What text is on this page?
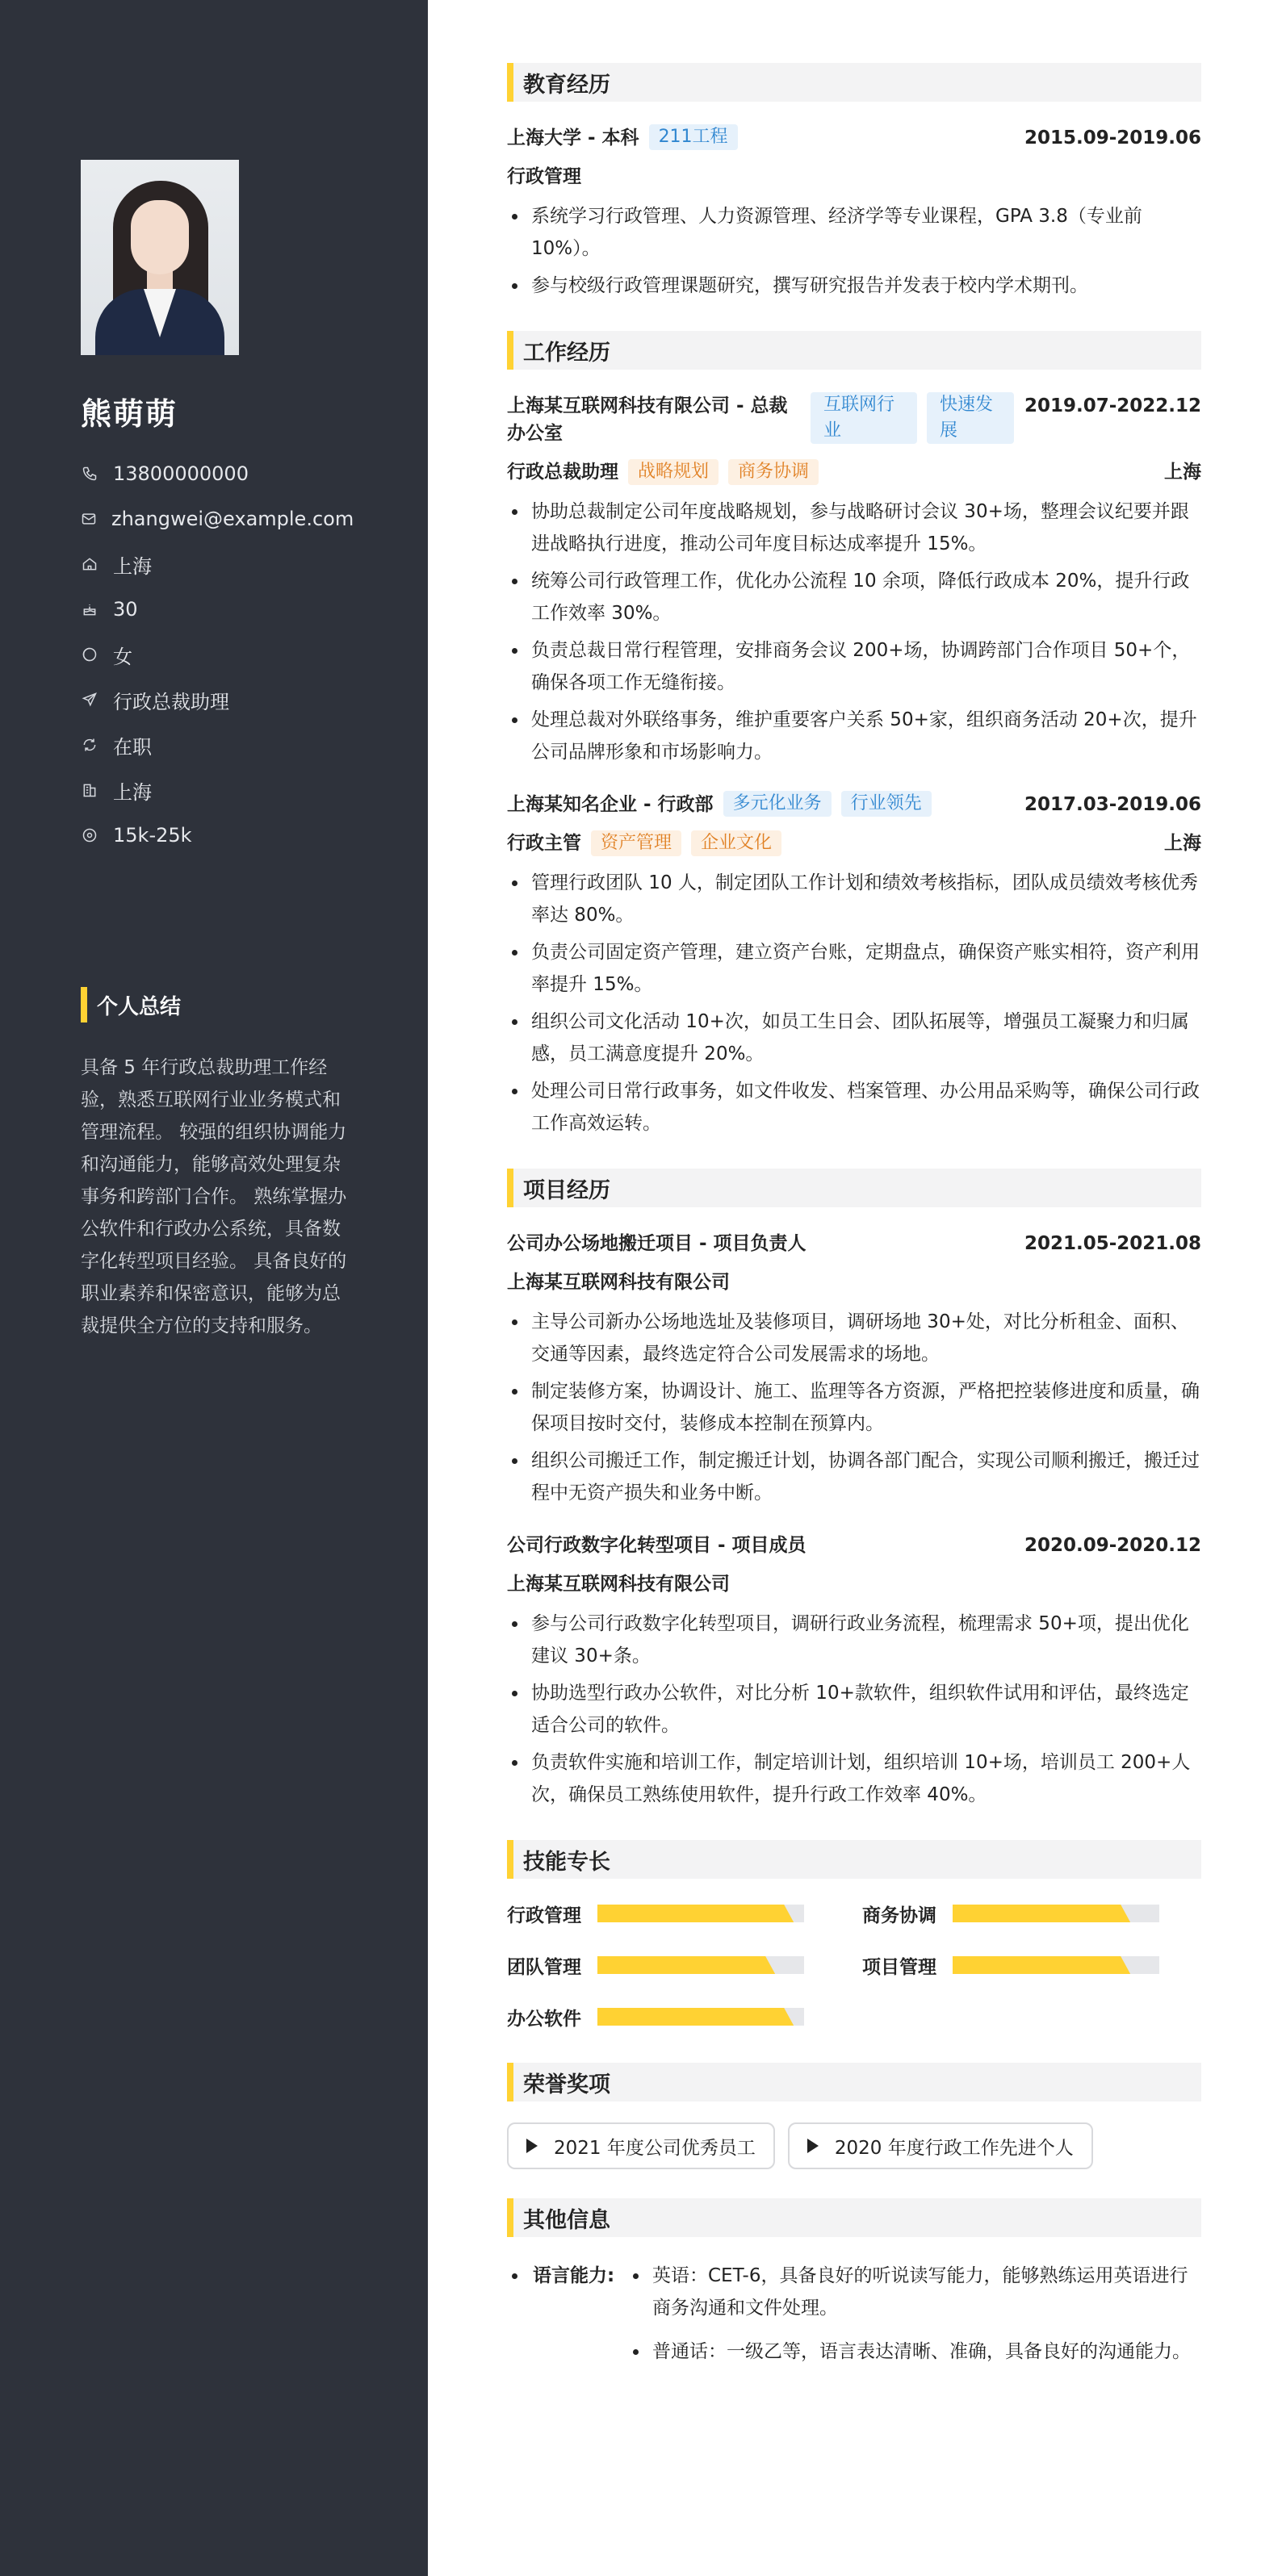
熊萌萌
13800000000
zhangwei@example.com
上海
30
女
行政总裁助理
在职
上海
15k-25k
个人总结

具备 5 年行政总裁助理工作经验，熟悉互联网行业业务模式和管理流程。 较强的组织协调能力和沟通能力，能够高效处理复杂事务和跨部门合作。 熟练掌握办公软件和行政办公系统，具备数字化转型项目经验。 具备良好的职业素养和保密意识，能够为总裁提供全方位的支持和服务。

教育经历
上海大学 - 本科	211工程	2015.09-2019.06
行政管理
系统学习行政管理、人力资源管理、经济学等专业课程，GPA 3.8（专业前10%）。
参与校级行政管理课题研究，撰写研究报告并发表于校内学术期刊。
工作经历
上海某互联网科技有限公司 - 总裁办公室
互联网行业
快速发展
2019.07-2022.12
行政总裁助理	战略规划	商务协调	上海
协助总裁制定公司年度战略规划，参与战略研讨会议 30+场，整理会议纪要并跟进战略执行进度，推动公司年度目标达成率提升 15%。
统筹公司行政管理工作，优化办公流程 10 余项，降低行政成本 20%，提升行政工作效率 30%。
负责总裁日常行程管理，安排商务会议 200+场，协调跨部门合作项目 50+个，确保各项工作无缝衔接。
处理总裁对外联络事务，维护重要客户关系 50+家，组织商务活动 20+次，提升公司品牌形象和市场影响力。
上海某知名企业 - 行政部	多元化业务	行业领先	2017.03-2019.06
行政主管	资产管理	企业文化	上海
管理行政团队 10 人，制定团队工作计划和绩效考核指标，团队成员绩效考核优秀率达 80%。
负责公司固定资产管理，建立资产台账，定期盘点，确保资产账实相符，资产利用率提升 15%。
组织公司文化活动 10+次，如员工生日会、团队拓展等，增强员工凝聚力和归属感，员工满意度提升 20%。
处理公司日常行政事务，如文件收发、档案管理、办公用品采购等，确保公司行政工作高效运转。
项目经历
公司办公场地搬迁项目 - 项目负责人	2021.05-2021.08
上海某互联网科技有限公司
主导公司新办公场地选址及装修项目，调研场地 30+处，对比分析租金、面积、交通等因素，最终选定符合公司发展需求的场地。
制定装修方案，协调设计、施工、监理等各方资源，严格把控装修进度和质量，确保项目按时交付，装修成本控制在预算内。
组织公司搬迁工作，制定搬迁计划，协调各部门配合，实现公司顺利搬迁，搬迁过程中无资产损失和业务中断。
公司行政数字化转型项目 - 项目成员	2020.09-2020.12
上海某互联网科技有限公司
参与公司行政数字化转型项目，调研行政业务流程，梳理需求 50+项，提出优化建议 30+条。
协助选型行政办公软件，对比分析 10+款软件，组织软件试用和评估，最终选定适合公司的软件。
负责软件实施和培训工作，制定培训计划，组织培训 10+场，培训员工 200+人次，确保员工熟练使用软件，提升行政工作效率 40%。
技能专长
行政管理	商务协调
团队管理	项目管理
办公软件
荣誉奖项
2021 年度公司优秀员工	2020 年度行政工作先进个人
其他信息
语言能力:	英语：CET-6，具备良好的听说读写能力，能够熟练运用英语进行商务沟通和文件处理。
普通话：一级乙等，语言表达清晰、准确，具备良好的沟通能力。
